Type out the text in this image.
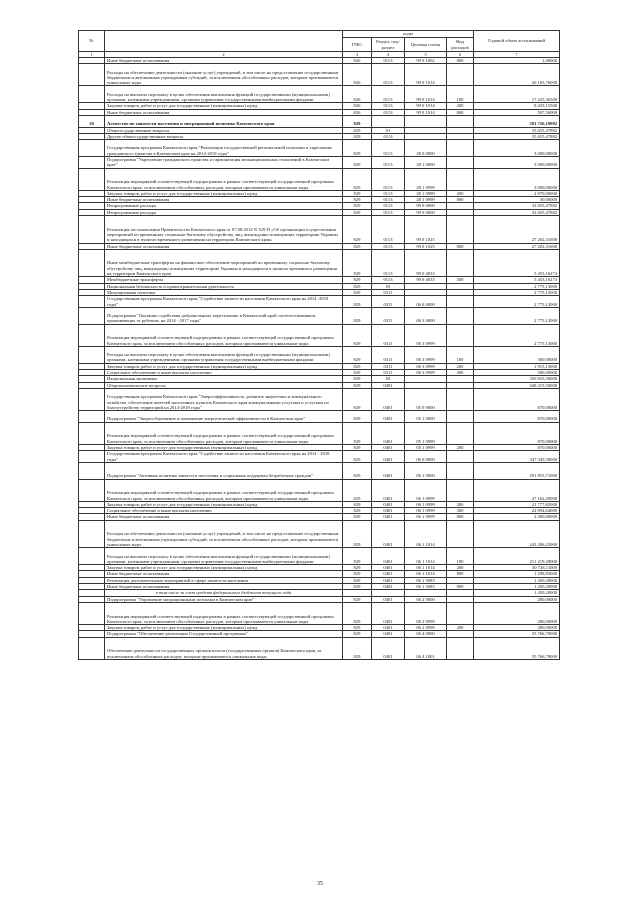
№		коды				Годовой объем ассигнований
		ГРБС	Раздел, под-раздел	Целевая статья	Вид расходов	
1	2	3	4	5	6	7
	Иные бюджетные ассигнования	826	0113	99 0 1002	800	1,00000
	Расходы на обеспечение деятельности (оказание услуг) учреждений, в том числе на предоставление государственным бюджетным и автономным учреждениям субсидий, за исключением обособленных расходов, которым присваиваются уникальные коды	826	0113	99 0 1014		26 165,76000
	Расходы на выплаты персоналу в целях обеспечения выполнения функций государственными (муниципальными) органами, казенными учреждениями, органами управления государственными внебюджетными фондами	826	0113	99 0 1014	100	17 225,36500
	Закупка товаров, работ и услуг для государственных (муниципальных) нужд	826	0113	99 0 1014	200	8 433,15500
	Иные бюджетные ассигнования	826	0113	99 0 1014	800	507,50000
20	Агентство по занятости населения и миграционной политике Камчатского края	829				581 726,10082
	Общегосударственные вопросы	829	01			35 655,47882
	Другие общегосударственные вопросы	829	0113			35 655,47882
	Государственная программа Камчатского края "Реализация государственной региональной политики и укрепление гражданского единства в Камчатском крае на 2014-2018 годы"	829	0113	28 0 0000		3 000,00000
	Подпрограмма "Укрепление гражданского единства и гармонизация межнациональных отношений в Камчатском крае"	829	0113	28 1 0000		3 000,00000
	Реализация мероприятий соответствующей подпрограммы в рамках соответствующей государственной программы Камчатского края, за исключением обособленных расходов, которым присваиваются уникальные коды	829	0113	28 1 0999		3 000,00000
	Закупка товаров, работ и услуг для государственных (муниципальных) нужд	829	0113	28 1 0999	200	2 970,00000
	Иные бюджетные ассигнования	829	0113	28 1 0999	800	30,00000
	Непрограммные расходы	829	0113	99 0 0000		32 655,47882
	Непрограммные расходы	829	0113	99 0 0000		32 655,47882
	Реализация постановления Правительства Камчатского края от 07.08.2014 N 329-П «Об организации осуществления мероприятий по временному социально-бытовому обустройству лиц, вынужденно покинувших территорию Украины и находящихся в пунктах временного размещения на территории Камчатского края»	829	0113	99 0 1025		27 202,31608
	Иные бюджетные ассигнования	829	0113	99 0 1025	800	27 202,31608
	Иные межбюджетные трансферты на финансовое обеспечение мероприятий по временному социально-бытовому обустройству лиц, вынужденно покинувших территорию Украины и находящихся в пунктах временного размещения на территории Камчатского края	829	0113	99 0 4033		5 453,16274
	Межбюджетные трансферты	829	0113	99 0 4033	500	5 453,16274
	Национальная безопасность и правоохранительная деятельность	829	03			2 775,13000
	Миграционная политика	829	0311			2 775,13000
	Государственная программа Камчатского края "Содействие занятости населения Камчатского края на 2014 -2018 годы"	829	0311	06 0 0000		2 775,13000
	Подпрограмма "Оказание содействия добровольному переселению в Камчатский край соотечественников, проживающих за рубежом, на 2014 - 2017 годы"	829	0311	06 3 0000		2 775,13000
	Реализация мероприятий соответствующей подпрограммы в рамках соответствующей государственной программы Камчатского края, за исключением обособленных расходов, которым присваиваются уникальные коды	829	0311	06 3 0999		2 775,13000
	Расходы на выплаты персоналу в целях обеспечения выполнения функций государственными (муниципальными) органами, казенными учреждениями, органами управления государственными внебюджетными фондами	829	0311	06 3 0999	100	360,00000
	Закупка товаров, работ и услуг для государственных (муниципальных) нужд	829	0311	06 3 0999	200	1 915,13000
	Социальное обеспечение и иные выплаты населению	829	0311	06 3 0999	300	500,00000
	Национальная экономика	829	04			350 825,50000
	Общеэкономические вопросы	829	0401			348 215,50000
	Государственная программа Камчатского края "Энергоэффективность, развитие энергетики и коммунального хозяйства, обеспечение жителей населенных пунктов Камчатского края коммунальными услугами и услугами по благоустройству территорий на 2014-2018 годы"	829	0401	05 0 0000		870,00000
	Подпрограмма "Энергосбережение и повышение энергетической эффективности в Камчатском крае"	829	0401	05 1 0000		870,00000
	Реализация мероприятий соответствующей подпрограммы в рамках соответствующей государственной программы Камчатского края, за исключением обособленных расходов, которым присваиваются уникальные коды	829	0401	05 1 0999		870,00000
	Закупка товаров, работ и услуг для государственных (муниципальных) нужд	829	0401	05 1 0999	200	870,00000
	Государственная программа Камчатского края "Содействие занятости населения Камчатского края на 2014 - 2018 годы"	829	0401	06 0 0000		347 345,50000
	Подпрограмма "Активная политика занятости населения и социальная поддержка безработных граждан"	829	0401	06 1 0000		291 853,71000
	Реализация мероприятий соответствующей подпрограммы в рамках соответствующей государственной программы Камчатского края, за исключением обособленных расходов, которым присваиваются уникальные коды	829	0401	06 1 0999		47 162,29000
	Закупка товаров, работ и услуг для государственных (муниципальных) нужд	829	0401	06 1 0999	200	21 777,65000
	Социальное обеспечение и иные выплаты населению	829	0401	06 1 0999	300	22 894,64000
	Иные бюджетные ассигнования	829	0401	06 1 0999	800	2 490,00000
	Расходы на обеспечение деятельности (оказание услуг) учреждений, в том числе на предоставление государственным бюджетным и автономным учреждениям субсидий, за исключением обособленных расходов, которым присваиваются уникальные коды	829	0401	06 1 1014		243 286,22000
	Расходы на выплаты персоналу в целях обеспечения выполнения функций государственными (муниципальными) органами, казенными учреждениями, органами управления государственными внебюджетными фондами	829	0401	06 1 1014	100	211 219,28000
	Закупка товаров, работ и услуг для государственных (муниципальных) нужд	829	0401	06 1 1014	200	30 728,11000
	Иные бюджетные ассигнования	829	0401	06 1 1014	800	1 298,83000
	Реализация дополнительных мероприятий в сфере занятости населения	829	0401	06 1 5083		1 450,20000
	Иные бюджетные ассигнования	829	0401	06 1 5083	800	1 450,20000
	в том числе за счет средств федерального бюджета текущего года					1 450,20000
	Подпрограмма "Управление миграционными потоками в Камчатском крае"	829	0401	06 2 0000		280,00000
	Реализация мероприятий соответствующей подпрограммы в рамках соответствующей государственной программы Камчатского края, за исключением обособленных расходов, которым присваиваются уникальные коды	829	0401	06 2 0999		280,00000
	Закупка товаров, работ и услуг для государственных (муниципальных) нужд	829	0401	06 2 0999	200	280,00000
	Подпрограмма "Обеспечение реализации Государственной программы"	829	0401	06 4 0000		55 766,79000
	Обеспечение деятельности государственных органов власти (государственных органов) Камчатского края, за исключением обособленных расходов, которым присваиваются уникальные коды	829	0401	06 4 1001		55 766,79000
35
